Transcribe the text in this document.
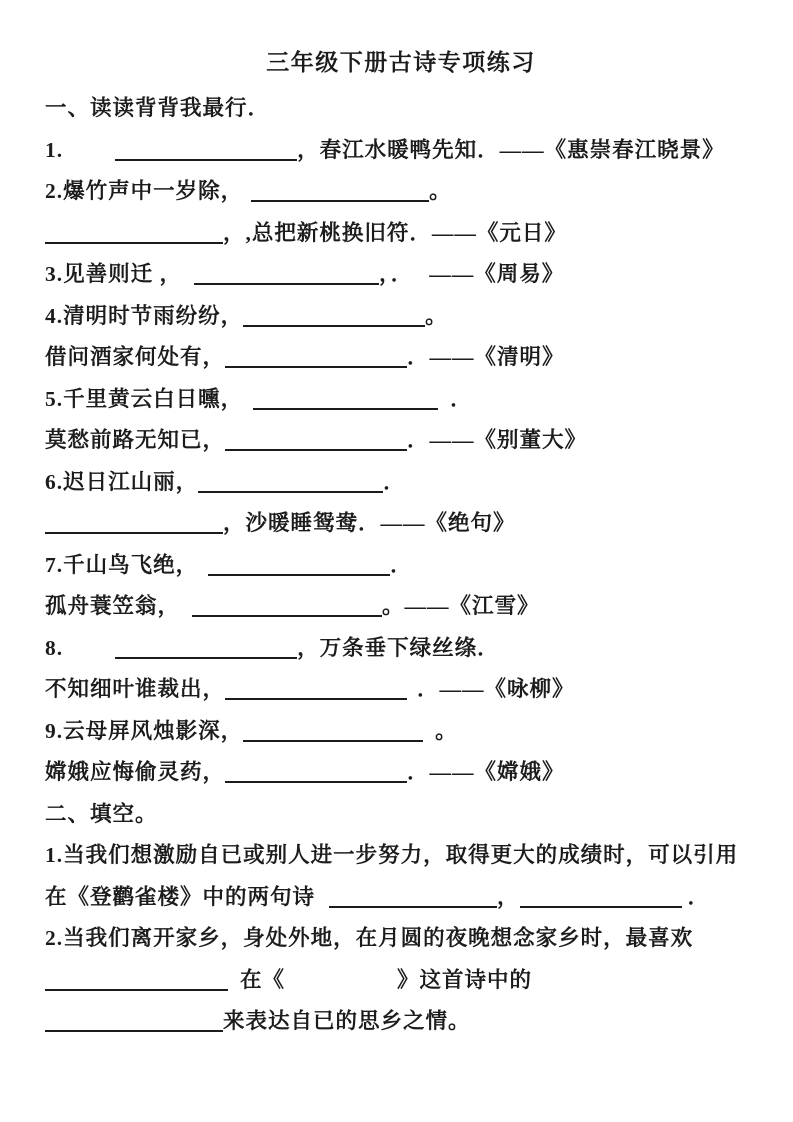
三年级下册古诗专项练习
一、读读背背我最行．
1.	，春江水暖鸭先知．——《惠崇春江晓景》
2.爆竹声中一岁除，	。
，,总把新桃换旧符．——《元日》
3.见善则迁 ，	，． ——《周易》
4.清明时节雨纷纷，	。
借问酒家何处有，	．——《清明》
5.千里黄云白日曛，	．
莫愁前路无知已，	．——《别董大》
6.迟日江山丽，	．
，沙暖睡鸳鸯．——《绝句》
7.千山鸟飞绝，	．
孤舟蓑笠翁，	。——《江雪》
8.	，万条垂下绿丝绦．
不知细叶谁裁出，	．——《咏柳》
9.云母屏风烛影深，	。
嫦娥应悔偷灵药，	．——《嫦娥》
二、填空。
1.当我们想激励自已或别人进一步努力，取得更大的成绩时，可以引用
在《登鹳雀楼》中的两句诗	，	．
2.当我们离开家乡，身处外地，在月圆的夜晚想念家乡时，最喜欢
在《	》这首诗中的
来表达自已的思乡之情。
